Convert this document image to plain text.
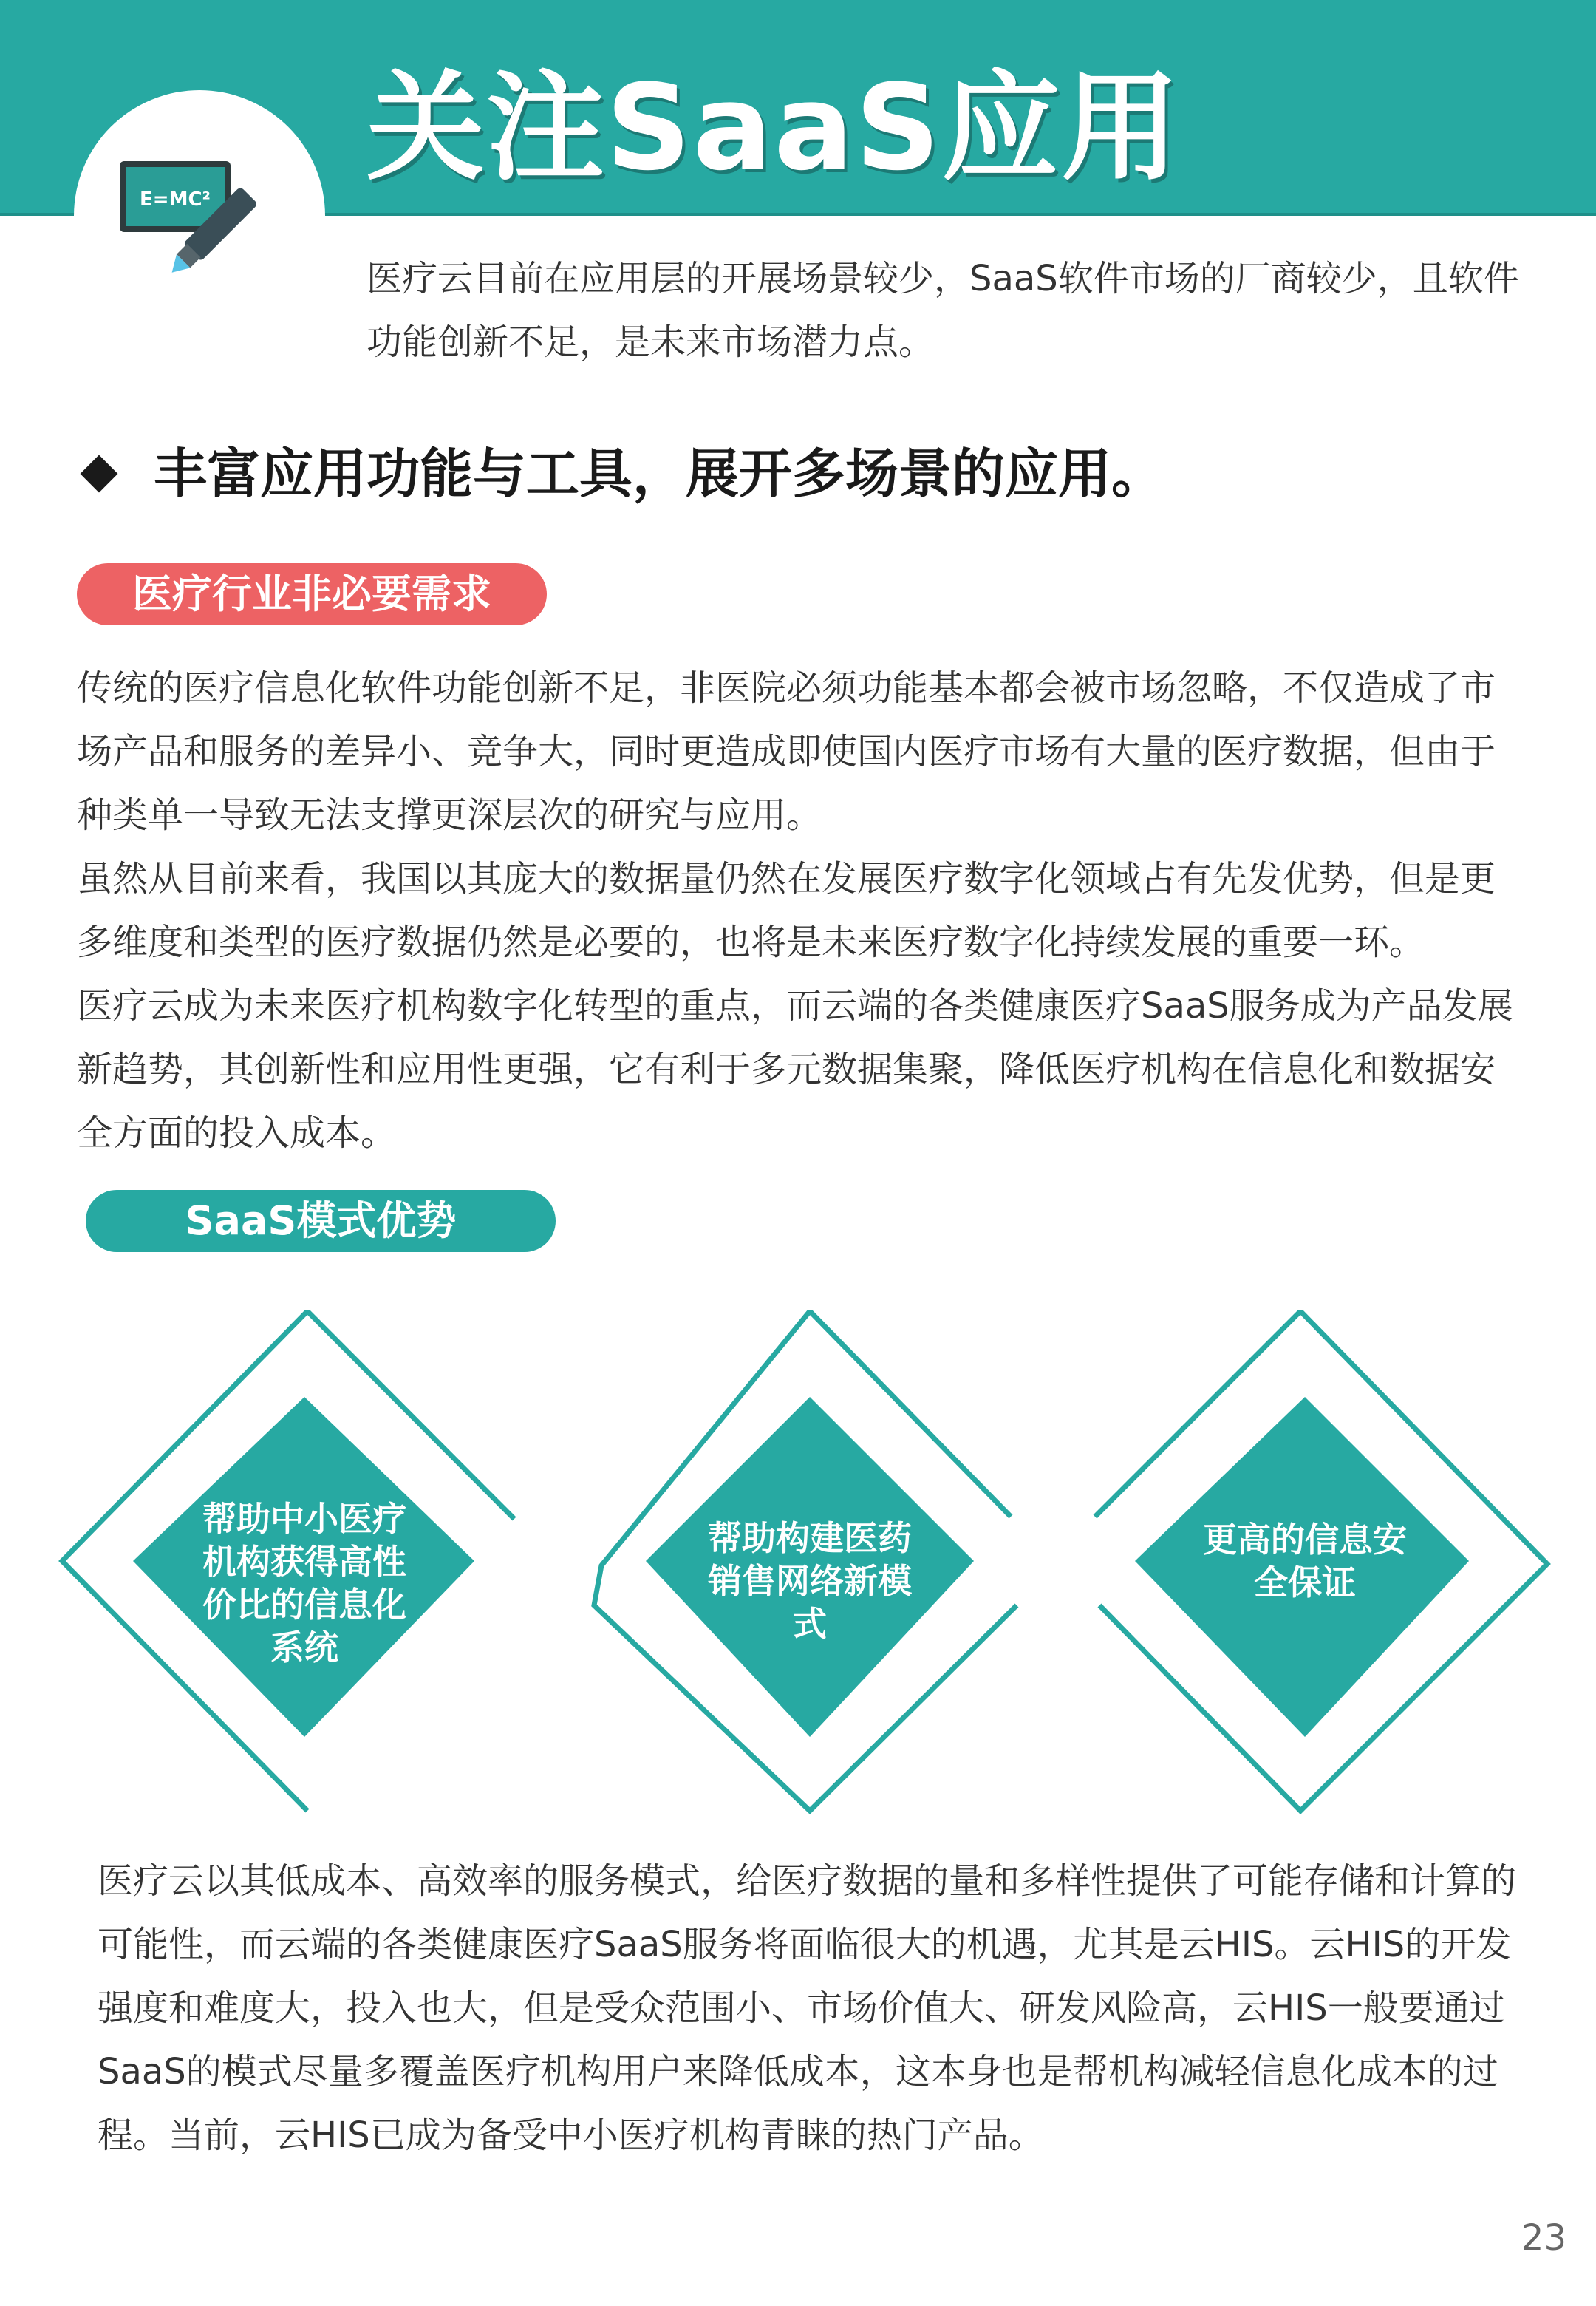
E=MC²
关注SaaS应用

医疗云目前在应用层的开展场景较少，SaaS软件市场的厂商较少，且软件功能创新不足，是未来市场潜力点。

丰富应用功能与工具，展开多场景的应用。
医疗行业非必要需求

传统的医疗信息化软件功能创新不足，非医院必须功能基本都会被市场忽略，不仅造成了市场产品和服务的差异小、竞争大，同时更造成即使国内医疗市场有大量的医疗数据，但由于种类单一导致无法支撑更深层次的研究与应用。

虽然从目前来看，我国以其庞大的数据量仍然在发展医疗数字化领域占有先发优势，但是更多维度和类型的医疗数据仍然是必要的，也将是未来医疗数字化持续发展的重要一环。

医疗云成为未来医疗机构数字化转型的重点，而云端的各类健康医疗SaaS服务成为产品发展新趋势，其创新性和应用性更强，它有利于多元数据集聚，降低医疗机构在信息化和数据安全方面的投入成本。

SaaS模式优势
帮助中小医疗机构获得高性价比的信息化系统
帮助构建医药销售网络新模式
更高的信息安全保证

医疗云以其低成本、高效率的服务模式，给医疗数据的量和多样性提供了可能存储和计算的可能性，而云端的各类健康医疗SaaS服务将面临很大的机遇，尤其是云HIS。云HIS的开发强度和难度大，投入也大，但是受众范围小、市场价值大、研发风险高，云HIS一般要通过SaaS的模式尽量多覆盖医疗机构用户来降低成本，这本身也是帮机构减轻信息化成本的过程。当前，云HIS已成为备受中小医疗机构青睐的热门产品。

23
